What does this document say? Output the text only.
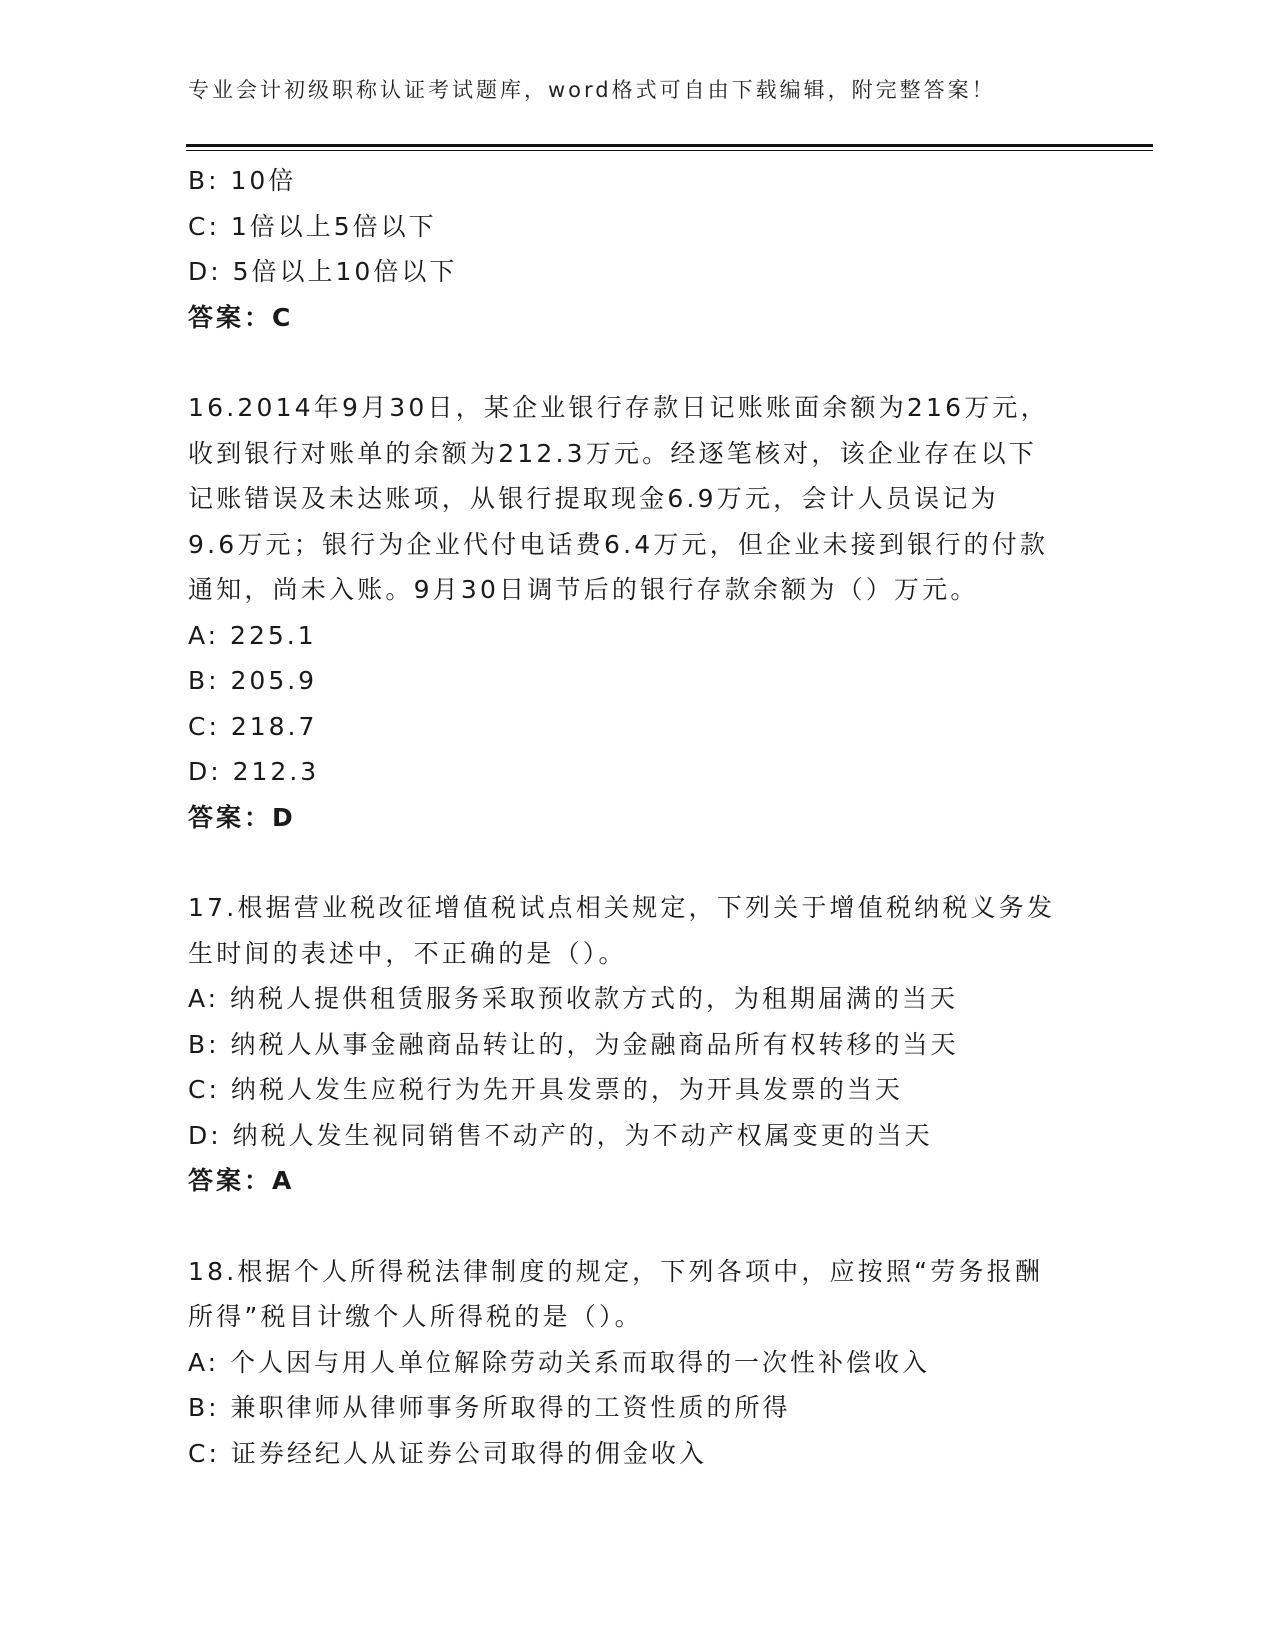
专业会计初级职称认证考试题库，word格式可自由下载编辑，附完整答案！

B: 10倍

C: 1倍以上5倍以下

D: 5倍以上10倍以下

答案：C

16.2014年9月30日，某企业银行存款日记账账面余额为216万元，

收到银行对账单的余额为212.3万元。经逐笔核对，该企业存在以下

记账错误及未达账项，从银行提取现金6.9万元，会计人员误记为

9.6万元；银行为企业代付电话费6.4万元，但企业未接到银行的付款

通知，尚未入账。9月30日调节后的银行存款余额为（）万元。

A: 225.1

B: 205.9

C: 218.7

D: 212.3

答案：D

17.根据营业税改征增值税试点相关规定，下列关于增值税纳税义务发

生时间的表述中，不正确的是（）。

A: 纳税人提供租赁服务采取预收款方式的，为租期届满的当天

B: 纳税人从事金融商品转让的，为金融商品所有权转移的当天

C: 纳税人发生应税行为先开具发票的，为开具发票的当天

D: 纳税人发生视同销售不动产的，为不动产权属变更的当天

答案：A

18.根据个人所得税法律制度的规定，下列各项中，应按照“劳务报酬

所得”税目计缴个人所得税的是（）。

A: 个人因与用人单位解除劳动关系而取得的一次性补偿收入

B: 兼职律师从律师事务所取得的工资性质的所得

C: 证券经纪人从证券公司取得的佣金收入
